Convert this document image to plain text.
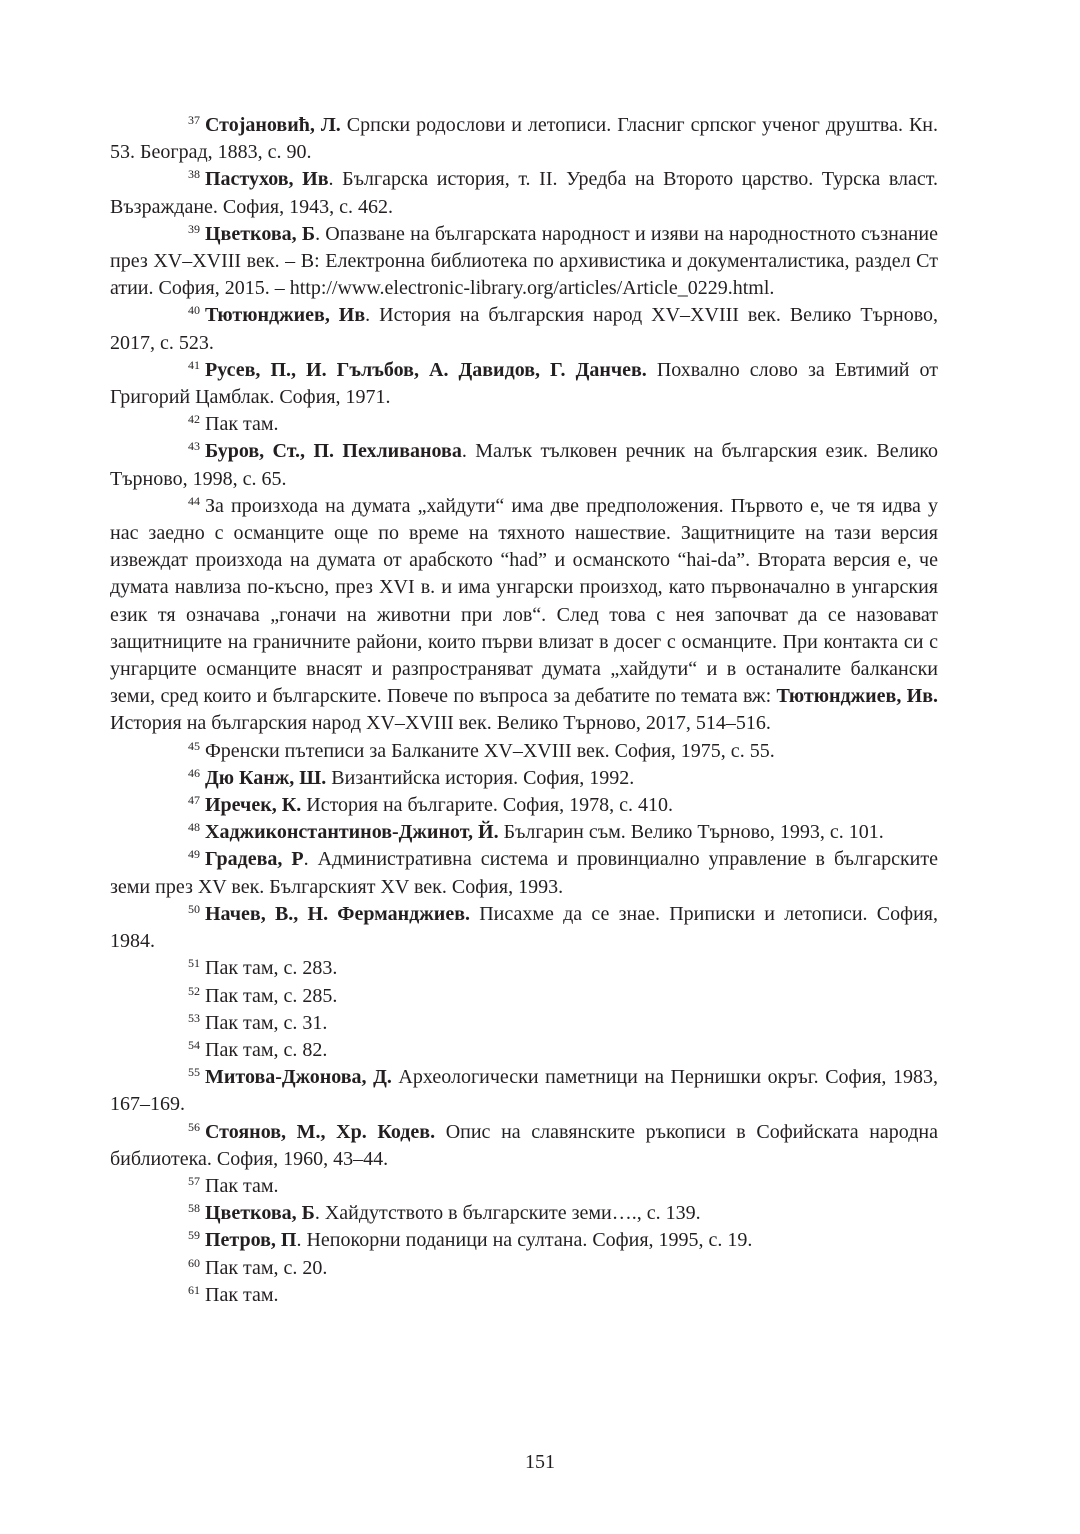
$^{37}$ Стојановић, Л. Српски родослови и летописи. Гласниг српског ученог друштва. Кн. 53. Београд, 1883, с. 90.

$^{38}$ Пастухов, Ив. Българска история, т. II. Уредба на Второто царство. Турска власт. Възраждане. София, 1943, с. 462.

$^{39}$ Цветкова, Б. Опазване на българската народност и изяви на народностното съзнание през XV–XVIII век. – В: Електронна библиотека по архивистика и документалистика, раздел Статии. София, 2015. – http://www.electronic-library.org/articles/Article_0229.html.

$^{40}$ Тютюнджиев, Ив. История на българския народ XV–XVIII век. Велико Търново, 2017, с. 523.

$^{41}$ Русев, П., И. Гълъбов, А. Давидов, Г. Данчев. Похвално слово за Евтимий от Григорий Цамблак. София, 1971.

$^{42}$ Пак там.

$^{43}$ Буров, Ст., П. Пехливанова. Малък тълковен речник на българския език. Велико Търново, 1998, с. 65.

$^{44}$ За произхода на думата „хайдути“ има две предположения. Първото е, че тя идва у нас заедно с османците още по време на тяхното нашествие. Защитниците на тази версия извеждат произхода на думата от арабското “had” и османското “hai-da”. Втората версия е, че думата навлиза по-късно, през XVI в. и има унгарски произход, като първоначално в унгарския език тя означава „гоначи на животни при лов“. След това с нея започват да се назовават защитниците на граничните райони, които първи влизат в досег с османците. При контакта си с унгарците османците внасят и разпространяват думата „хайдути“ и в останалите балкански земи, сред които и българските. Повече по въпроса за дебатите по темата вж: Тютюнджиев, Ив. История на българския народ XV–XVIII век. Велико Търново, 2017, 514–516.

$^{45}$ Френски пътеписи за Балканите XV–XVIII век. София, 1975, с. 55.

$^{46}$ Дю Канж, Ш. Византийска история. София, 1992.

$^{47}$ Иречек, К. История на българите. София, 1978, с. 410.

$^{48}$ Хаджиконстантинов-Джинот, Й. Българин съм. Велико Търново, 1993, с. 101.

$^{49}$ Градева, Р. Административна система и провинциално управление в българските земи през XV век. Българският XV век. София, 1993.

$^{50}$ Начев, В., Н. Ферманджиев. Писахме да се знае. Приписки и летописи. София, 1984.

$^{51}$ Пак там, с. 283.

$^{52}$ Пак там, с. 285.

$^{53}$ Пак там, с. 31.

$^{54}$ Пак там, с. 82.

$^{55}$ Митова-Джонова, Д. Археологически паметници на Пернишки окръг. София, 1983, 167–169.

$^{56}$ Стоянов, М., Хр. Кодев. Опис на славянските ръкописи в Софийската народна библиотека. София, 1960, 43–44.

$^{57}$ Пак там.

$^{58}$ Цветкова, Б. Хайдутството в българските земи…., с. 139.

$^{59}$ Петров, П. Непокорни поданици на султана. София, 1995, с. 19.

$^{60}$ Пак там, с. 20.

$^{61}$ Пак там.

151
